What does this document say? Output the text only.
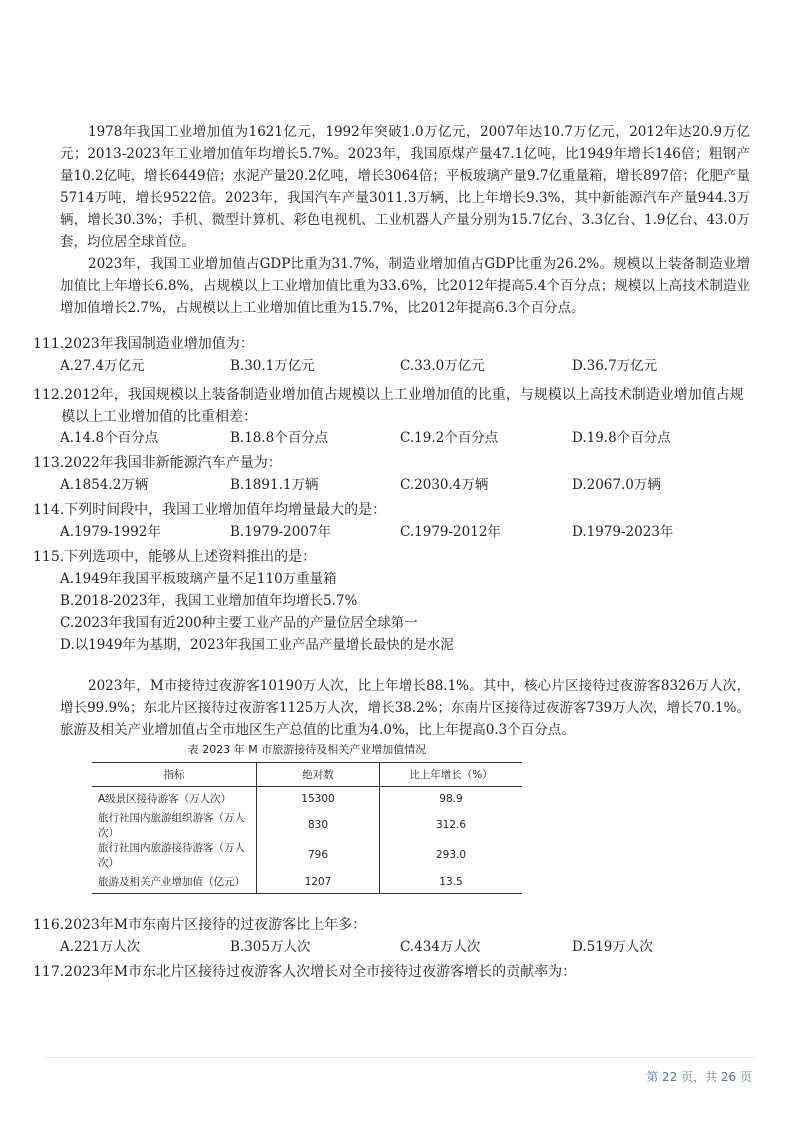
1978年我国工业增加值为1621亿元，1992年突破1.0万亿元，2007年达10.7万亿元，2012年达20.9万亿元；2013-2023年工业增加值年均增长5.7%。2023年，我国原煤产量47.1亿吨，比1949年增长146倍；粗钢产量10.2亿吨，增长6449倍；水泥产量20.2亿吨，增长3064倍；平板玻璃产量9.7亿重量箱，增长897倍；化肥产量5714万吨，增长9522倍。2023年，我国汽车产量3011.3万辆，比上年增长9.3%，其中新能源汽车产量944.3万辆，增长30.3%；手机、微型计算机、彩色电视机、工业机器人产量分别为15.7亿台、3.3亿台、1.9亿台、43.0万套，均位居全球首位。

2023年，我国工业增加值占GDP比重为31.7%，制造业增加值占GDP比重为26.2%。规模以上装备制造业增加值比上年增长6.8%，占规模以上工业增加值比重为33.6%，比2012年提高5.4个百分点；规模以上高技术制造业增加值增长2.7%，占规模以上工业增加值比重为15.7%，比2012年提高6.3个百分点。

111.2023年我国制造业增加值为：
A.27.4万亿元	B.30.1万亿元	C.33.0万亿元	D.36.7万亿元
112.2012年，我国规模以上装备制造业增加值占规模以上工业增加值的比重，与规模以上高技术制造业增加值占规模以上工业增加值的比重相差：
A.14.8个百分点	B.18.8个百分点	C.19.2个百分点	D.19.8个百分点
113.2022年我国非新能源汽车产量为：
A.1854.2万辆	B.1891.1万辆	C.2030.4万辆	D.2067.0万辆
114.下列时间段中，我国工业增加值年均增量最大的是：
A.1979-1992年	B.1979-2007年	C.1979-2012年	D.1979-2023年
115.下列选项中，能够从上述资料推出的是：
A.1949年我国平板玻璃产量不足110万重量箱
B.2018-2023年，我国工业增加值年均增长5.7%
C.2023年我国有近200种主要工业产品的产量位居全球第一
D.以1949年为基期，2023年我国工业产品产量增长最快的是水泥

2023年，M市接待过夜游客10190万人次，比上年增长88.1%。其中，核心片区接待过夜游客8326万人次，增长99.9%；东北片区接待过夜游客1125万人次，增长38.2%；东南片区接待过夜游客739万人次，增长70.1%。旅游及相关产业增加值占全市地区生产总值的比重为4.0%，比上年提高0.3个百分点。

表 2023 年 M 市旅游接待及相关产业增加值情况
指标	绝对数	比上年增长（%）
A级景区接待游客（万人次）	15300	98.9
旅行社国内旅游组织游客（万人次）	830	312.6
旅行社国内旅游接待游客（万人次）	796	293.0
旅游及相关产业增加值（亿元）	1207	13.5
116.2023年M市东南片区接待的过夜游客比上年多：
A.221万人次	B.305万人次	C.434万人次	D.519万人次
117.2023年M市东北片区接待过夜游客人次增长对全市接待过夜游客增长的贡献率为：
第 22 页，共 26 页
